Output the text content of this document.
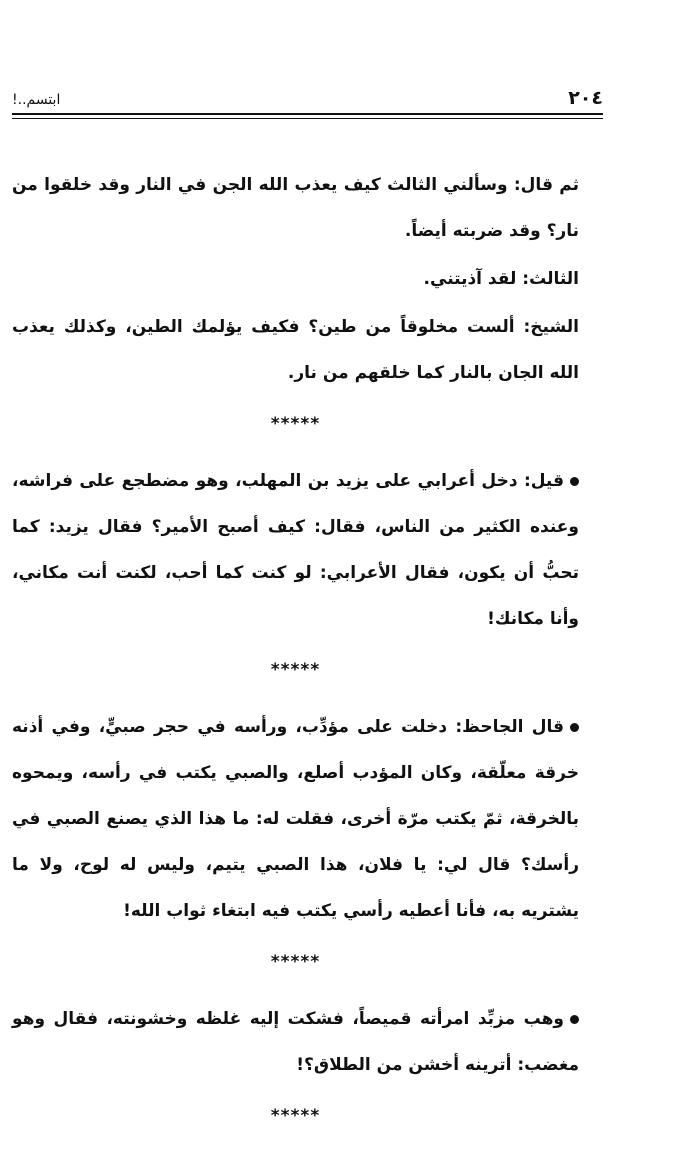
٢٠٤
ابتسم..!

ثم قال: وسألني الثالث كيف يعذب الله الجن في النار وقد خلقوا من نار؟ وقد ضربته أيضاً.

الثالث: لقد آذيتني.

الشيخ: ألست مخلوقاً من طين؟ فكيف يؤلمك الطين، وكذلك يعذب الله الجان بالنار كما خلقهم من نار.

*****

قيل: دخل أعرابي على يزيد بن المهلب، وهو مضطجع على فراشه، وعنده الكثير من الناس، فقال: كيف أصبح الأمير؟ فقال يزيد: كما تحبُّ أن يكون، فقال الأعرابي: لو كنت كما أحب، لكنت أنت مكاني، وأنا مكانك!

*****

قال الجاحظ: دخلت على مؤدِّب، ورأسه في حجر صبيٍّ، وفي أذنه خرقة معلّقة، وكان المؤدب أصلع، والصبي يكتب في رأسه، ويمحوه بالخرقة، ثمّ يكتب مرّة أخرى، فقلت له: ما هذا الذي يصنع الصبي في رأسك؟ قال لي: يا فلان، هذا الصبي يتيم، وليس له لوح، ولا ما يشتريه به، فأنا أعطيه رأسي يكتب فيه ابتغاء ثواب الله!

*****

وهب مزبِّد امرأته قميصاً، فشكت إليه غلظه وخشونته، فقال وهو مغضب: أترينه أخشن من الطلاق؟!

*****
